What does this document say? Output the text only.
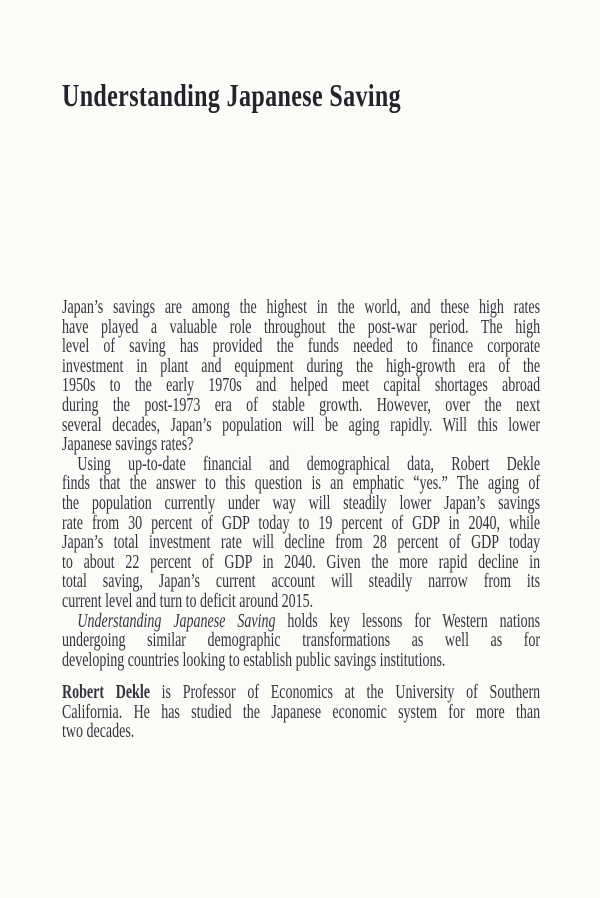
Understanding Japanese Saving
Japan’s savings are among the highest in the world, and these high rates
have played a valuable role throughout the post-war period. The high
level of saving has provided the funds needed to finance corporate
investment in plant and equipment during the high-growth era of the
1950s to the early 1970s and helped meet capital shortages abroad
during the post-1973 era of stable growth. However, over the next
several decades, Japan’s population will be aging rapidly. Will this lower
Japanese savings rates?
Using up-to-date financial and demographical data, Robert Dekle
finds that the answer to this question is an emphatic “yes.” The aging of
the population currently under way will steadily lower Japan’s savings
rate from 30 percent of GDP today to 19 percent of GDP in 2040, while
Japan’s total investment rate will decline from 28 percent of GDP today
to about 22 percent of GDP in 2040. Given the more rapid decline in
total saving, Japan’s current account will steadily narrow from its
current level and turn to deficit around 2015.
Understanding Japanese Saving holds key lessons for Western nations
undergoing similar demographic transformations as well as for
developing countries looking to establish public savings institutions.
Robert Dekle is Professor of Economics at the University of Southern
California. He has studied the Japanese economic system for more than
two decades.
